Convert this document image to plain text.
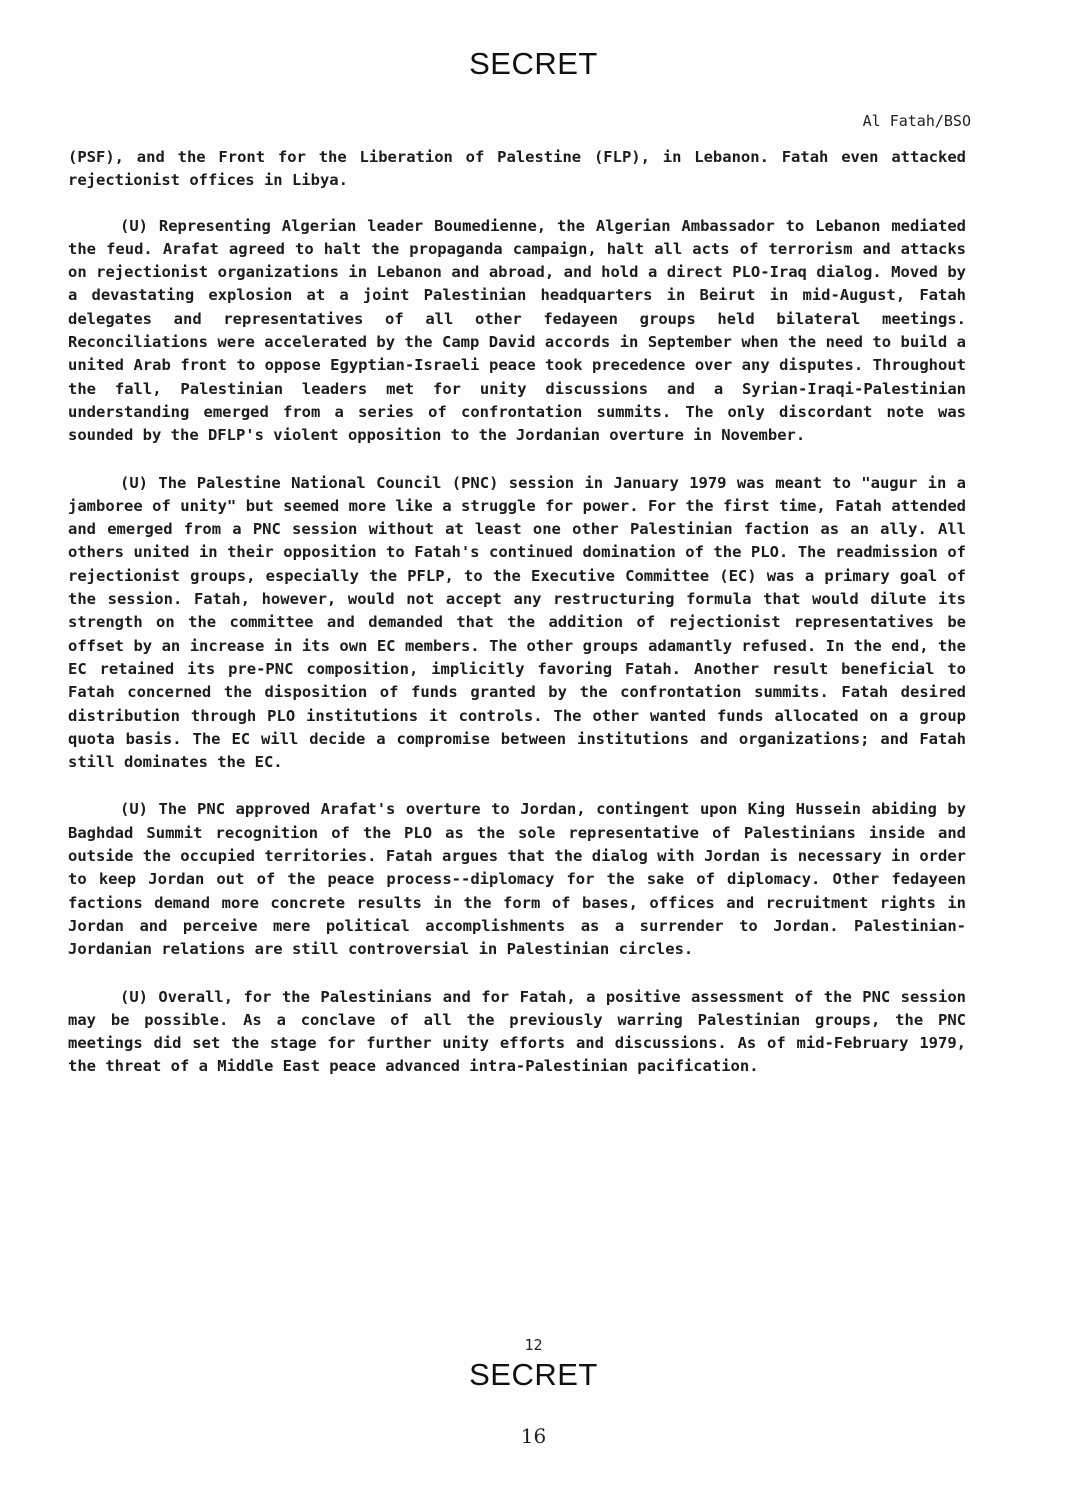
SECRET
Al Fatah/BSO

(PSF), and the Front for the Liberation of Palestine (FLP), in Lebanon. Fatah even attacked rejectionist offices in Libya.

(U) Representing Algerian leader Boumedienne, the Algerian Ambassador to Lebanon mediated the feud. Arafat agreed to halt the propaganda campaign, halt all acts of terrorism and attacks on rejectionist organizations in Lebanon and abroad, and hold a direct PLO-Iraq dialog. Moved by a devastating explosion at a joint Palestinian headquarters in Beirut in mid-August, Fatah delegates and representatives of all other fedayeen groups held bilateral meetings. Reconciliations were accelerated by the Camp David accords in September when the need to build a united Arab front to oppose Egyptian-Israeli peace took precedence over any disputes. Throughout the fall, Palestinian leaders met for unity discussions and a Syrian-Iraqi-Palestinian understanding emerged from a series of confrontation summits. The only discordant note was sounded by the DFLP's violent opposition to the Jordanian overture in November.

(U) The Palestine National Council (PNC) session in January 1979 was meant to "augur in a jamboree of unity" but seemed more like a struggle for power. For the first time, Fatah attended and emerged from a PNC session without at least one other Palestinian faction as an ally. All others united in their opposition to Fatah's continued domination of the PLO. The readmission of rejectionist groups, especially the PFLP, to the Executive Committee (EC) was a primary goal of the session. Fatah, however, would not accept any restructuring formula that would dilute its strength on the committee and demanded that the addition of rejectionist representatives be offset by an increase in its own EC members. The other groups adamantly refused. In the end, the EC retained its pre-PNC composition, implicitly favoring Fatah. Another result beneficial to Fatah concerned the disposition of funds granted by the confrontation summits. Fatah desired distribution through PLO institutions it controls. The other wanted funds allocated on a group quota basis. The EC will decide a compromise between institutions and organizations; and Fatah still dominates the EC.

(U) The PNC approved Arafat's overture to Jordan, contingent upon King Hussein abiding by Baghdad Summit recognition of the PLO as the sole representative of Palestinians inside and outside the occupied territories. Fatah argues that the dialog with Jordan is necessary in order to keep Jordan out of the peace process--diplomacy for the sake of diplomacy. Other fedayeen factions demand more concrete results in the form of bases, offices and recruitment rights in Jordan and perceive mere political accomplishments as a surrender to Jordan. Palestinian-Jordanian relations are still controversial in Palestinian circles.

(U) Overall, for the Palestinians and for Fatah, a positive assessment of the PNC session may be possible. As a conclave of all the previously warring Palestinian groups, the PNC meetings did set the stage for further unity efforts and discussions. As of mid-February 1979, the threat of a Middle East peace advanced intra-Palestinian pacification.

12
SECRET
16
